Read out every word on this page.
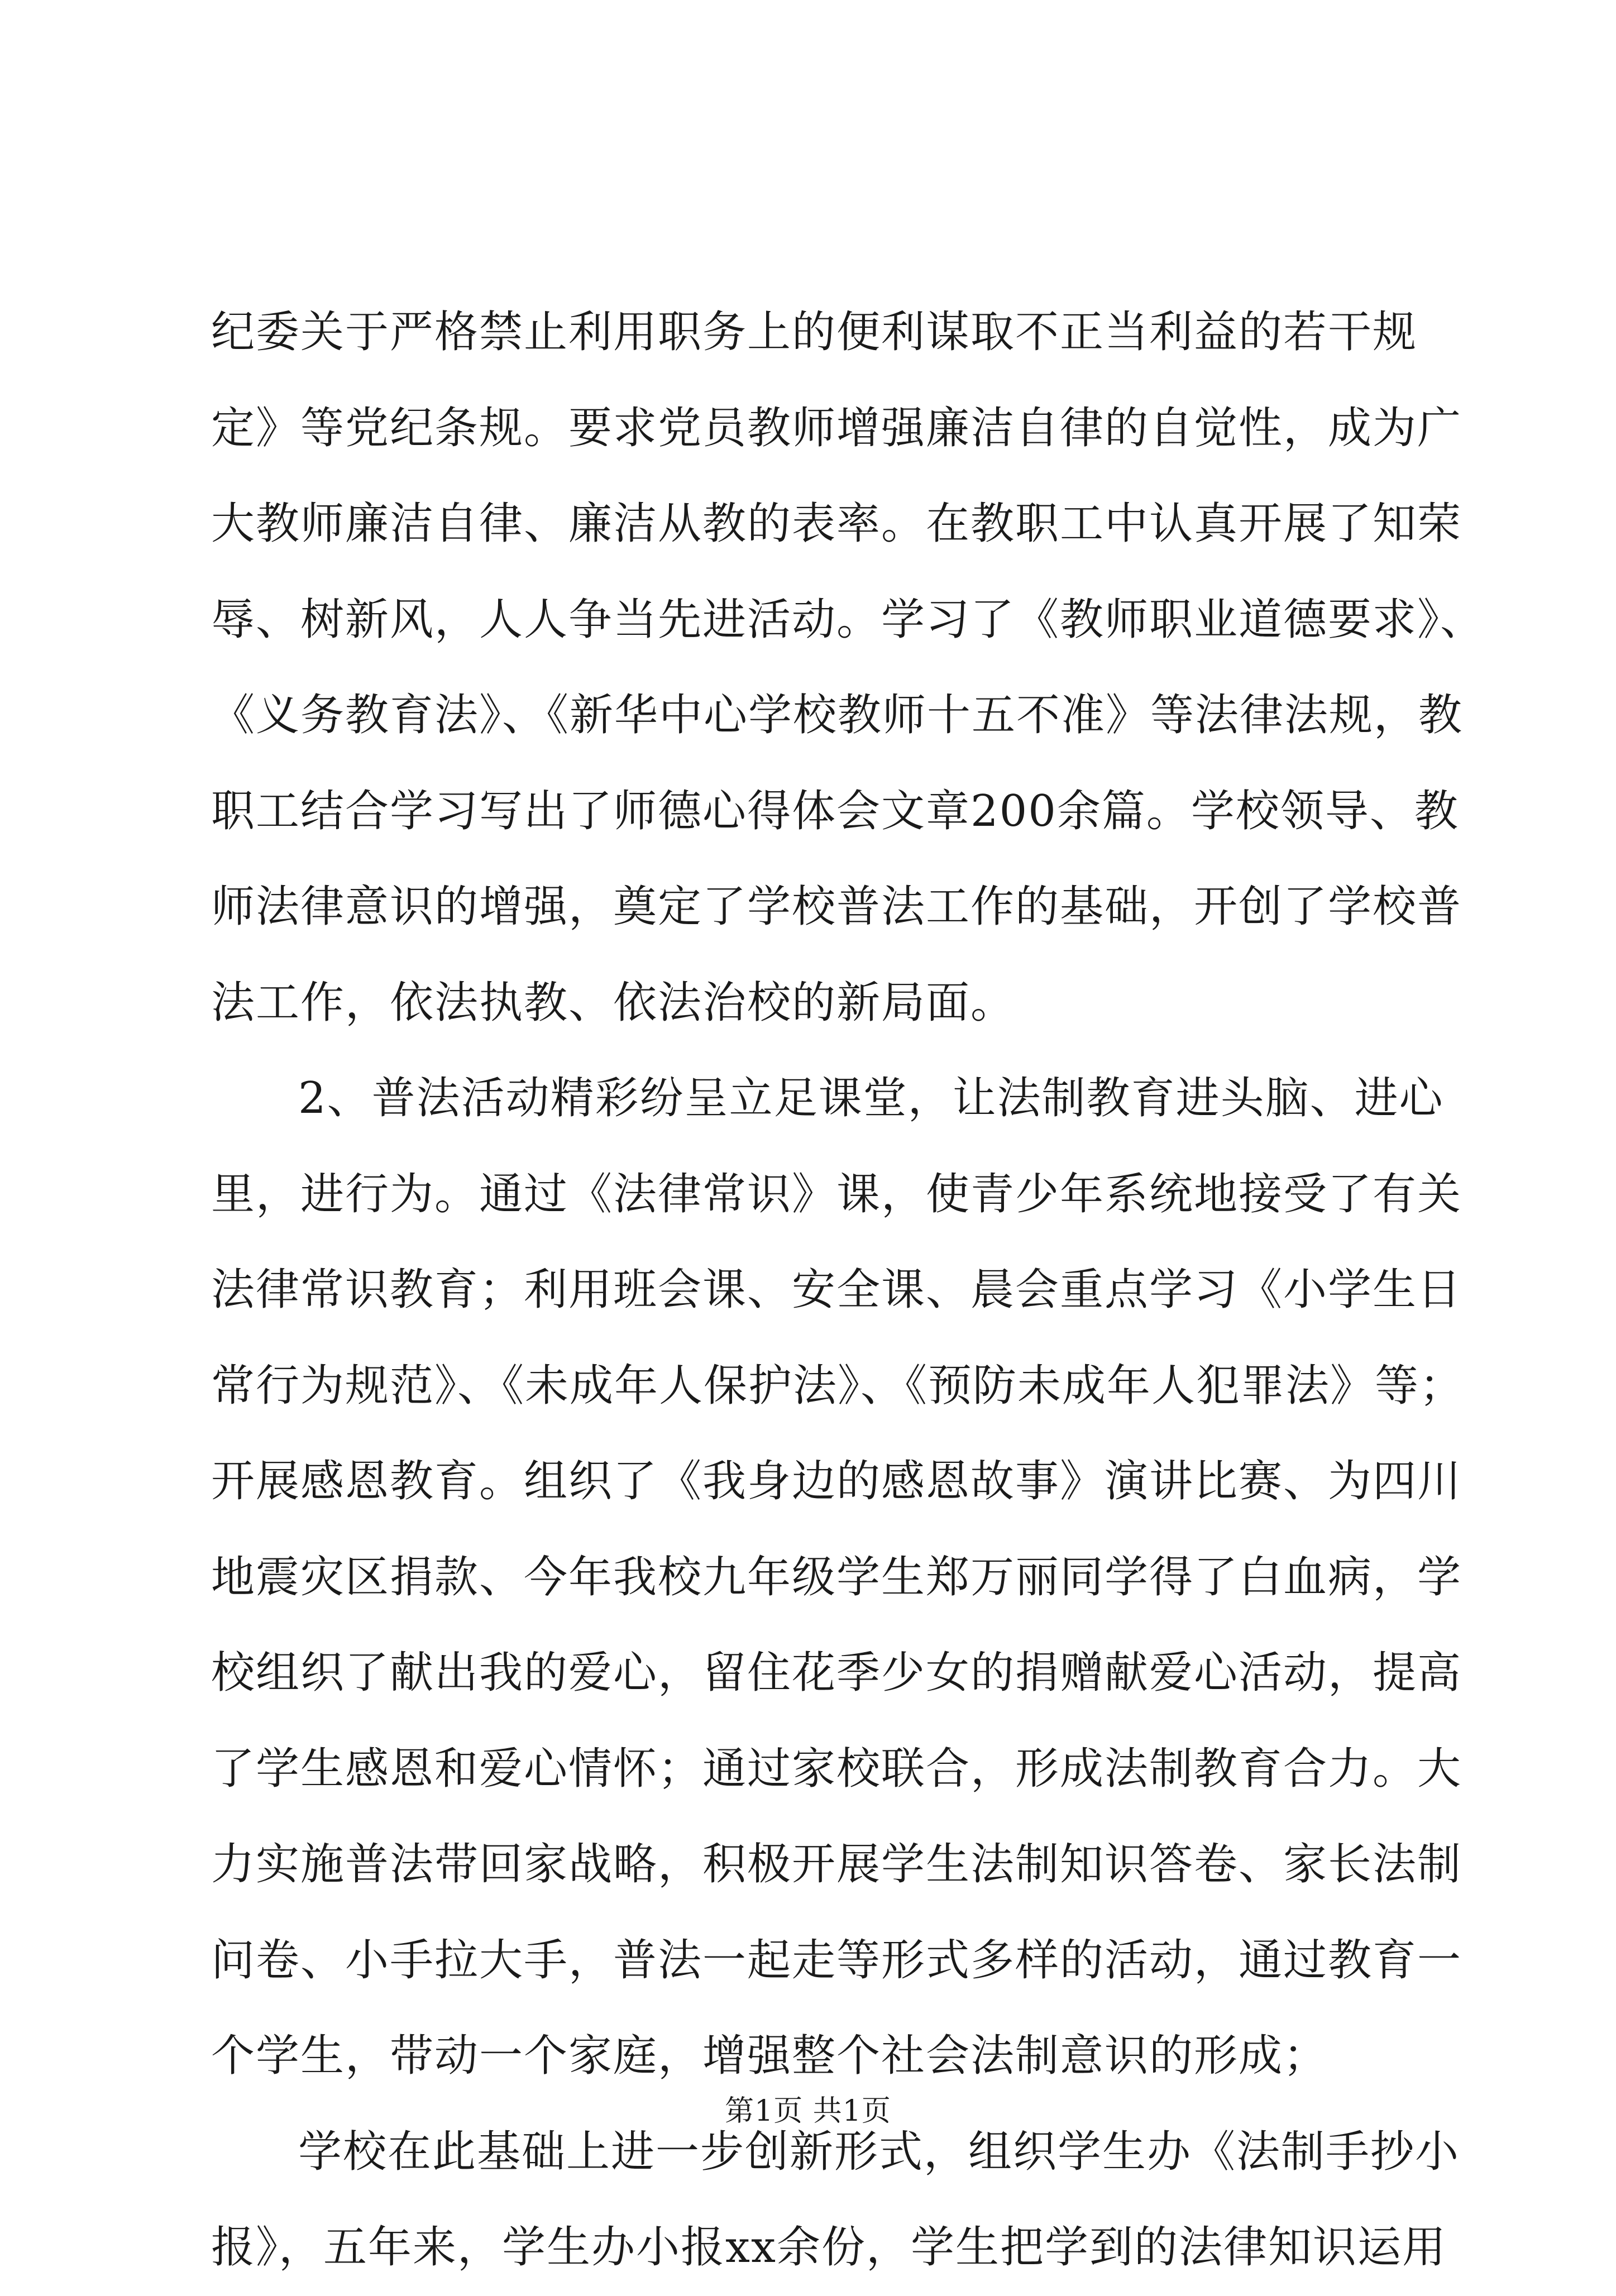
纪委关于严格禁止利用职务上的便利谋取不正当利益的若干规
定》等党纪条规。要求党员教师增强廉洁自律的自觉性，成为广
大教师廉洁自律、廉洁从教的表率。在教职工中认真开展了知荣
辱、树新风，人人争当先进活动。学习了《教师职业道德要求》、
《义务教育法》、《新华中心学校教师十五不准》等法律法规，教
职工结合学习写出了师德心得体会文章200余篇。学校领导、教
师法律意识的增强，奠定了学校普法工作的基础，开创了学校普
法工作，依法执教、依法治校的新局面。
2、普法活动精彩纷呈立足课堂，让法制教育进头脑、进心
里，进行为。通过《法律常识》课，使青少年系统地接受了有关
法律常识教育；利用班会课、安全课、晨会重点学习《小学生日
常行为规范》、《未成年人保护法》、《预防未成年人犯罪法》等；
开展感恩教育。组织了《我身边的感恩故事》演讲比赛、为四川
地震灾区捐款、今年我校九年级学生郑万丽同学得了白血病，学
校组织了献出我的爱心，留住花季少女的捐赠献爱心活动，提高
了学生感恩和爱心情怀；通过家校联合，形成法制教育合力。大
力实施普法带回家战略，积极开展学生法制知识答卷、家长法制
问卷、小手拉大手，普法一起走等形式多样的活动，通过教育一
个学生，带动一个家庭，增强整个社会法制意识的形成；
学校在此基础上进一步创新形式，组织学生办《法制手抄小
报》，五年来，学生办小报xx余份，学生把学到的法律知识运用
第1页 共1页
